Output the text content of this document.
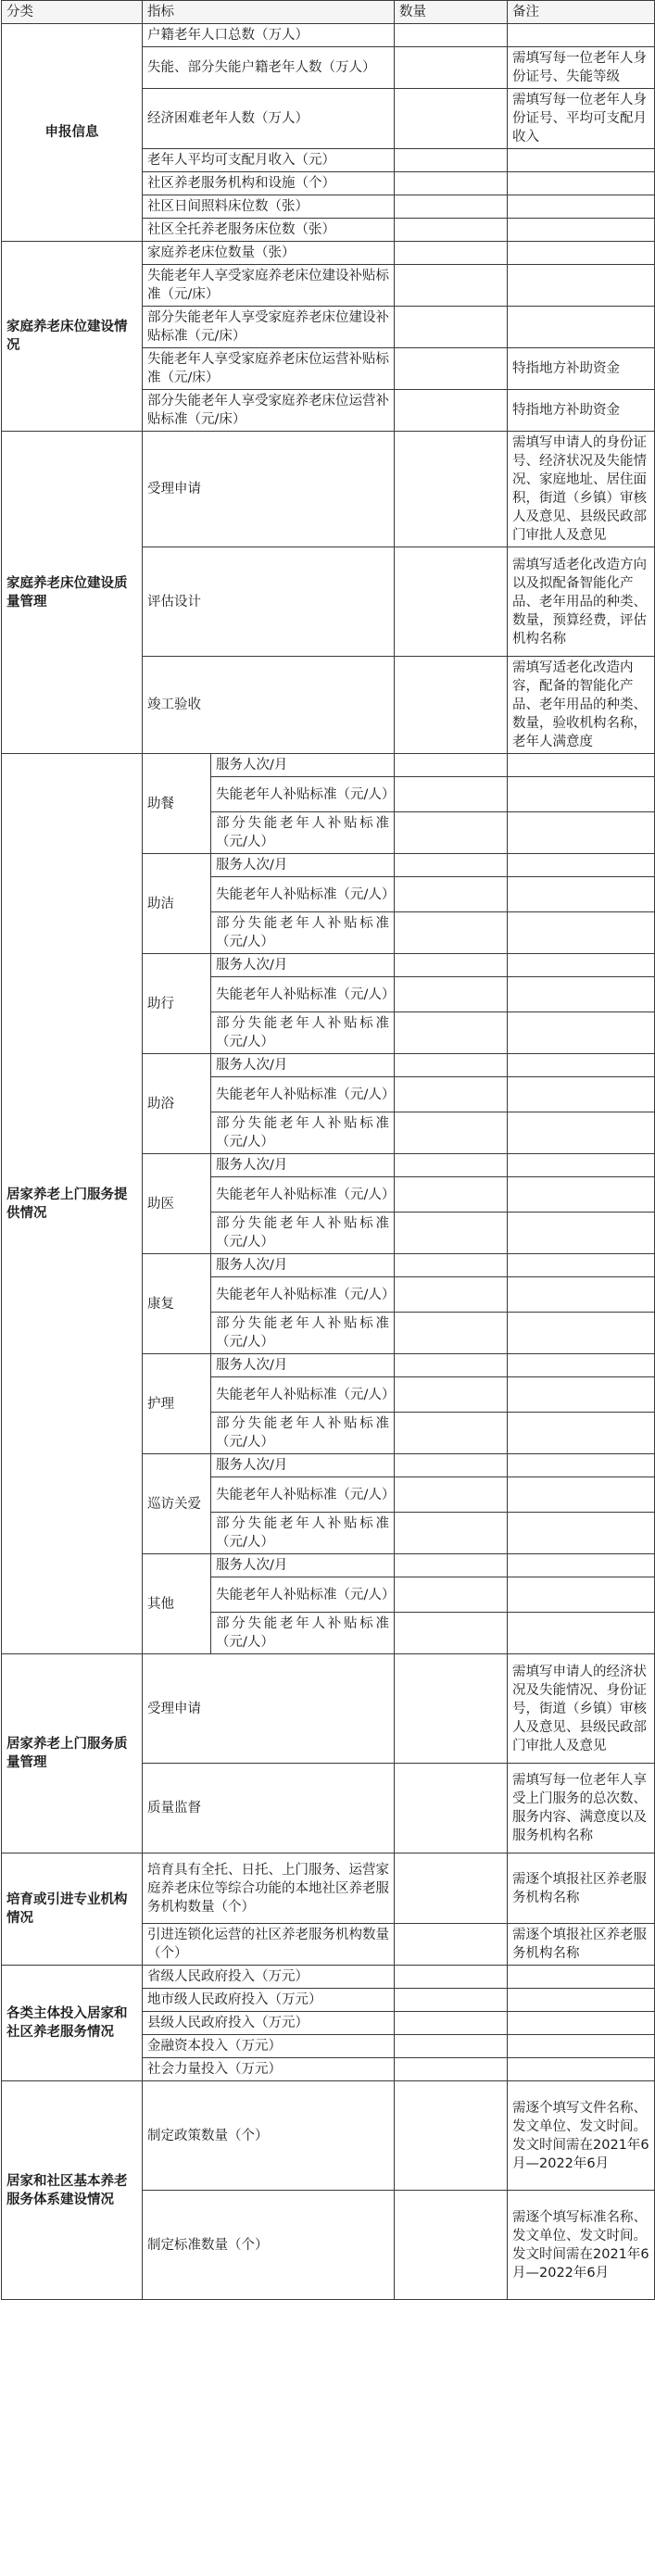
分类	指标		数量	备注
申报信息	户籍老年人口总数（万人）			
	失能、部分失能户籍老年人数（万人）			需填写每一位老年人身份证号、失能等级
	经济困难老年人数（万人）			需填写每一位老年人身份证号、平均可支配月收入
	老年人平均可支配月收入（元）			
	社区养老服务机构和设施（个）			
	社区日间照料床位数（张）			
	社区全托养老服务床位数（张）			
家庭养老床位建设情况	家庭养老床位数量（张）			
	失能老年人享受家庭养老床位建设补贴标准（元/床）			
	部分失能老年人享受家庭养老床位建设补贴标准（元/床）			
	失能老年人享受家庭养老床位运营补贴标准（元/床）			特指地方补助资金
	部分失能老年人享受家庭养老床位运营补贴标准（元/床）			特指地方补助资金
家庭养老床位建设质量管理	受理申请			需填写申请人的身份证号、经济状况及失能情况、家庭地址、居住面积，街道（乡镇）审核人及意见、县级民政部门审批人及意见
	评估设计			需填写适老化改造方向以及拟配备智能化产品、老年用品的种类、数量，预算经费，评估机构名称
	竣工验收			需填写适老化改造内容，配备的智能化产品、老年用品的种类、数量，验收机构名称，老年人满意度
居家养老上门服务提供情况	助餐	服务人次/月		
		失能老年人补贴标准（元/人）		
		部分失能老年人补贴标准（元/人）		
	助洁	服务人次/月		
		失能老年人补贴标准（元/人）		
		部分失能老年人补贴标准（元/人）		
	助行	服务人次/月		
		失能老年人补贴标准（元/人）		
		部分失能老年人补贴标准（元/人）		
	助浴	服务人次/月		
		失能老年人补贴标准（元/人）		
		部分失能老年人补贴标准（元/人）		
	助医	服务人次/月		
		失能老年人补贴标准（元/人）		
		部分失能老年人补贴标准（元/人）		
	康复	服务人次/月		
		失能老年人补贴标准（元/人）		
		部分失能老年人补贴标准（元/人）		
	护理	服务人次/月		
		失能老年人补贴标准（元/人）		
		部分失能老年人补贴标准（元/人）		
	巡访关爱	服务人次/月		
		失能老年人补贴标准（元/人）		
		部分失能老年人补贴标准（元/人）		
	其他	服务人次/月		
		失能老年人补贴标准（元/人）		
		部分失能老年人补贴标准（元/人）		
居家养老上门服务质量管理	受理申请			需填写申请人的经济状况及失能情况、身份证号，街道（乡镇）审核人及意见、县级民政部门审批人及意见
	质量监督			需填写每一位老年人享受上门服务的总次数、服务内容、满意度以及服务机构名称
培育或引进专业机构情况	培育具有全托、日托、上门服务、运营家庭养老床位等综合功能的本地社区养老服务机构数量（个）			需逐个填报社区养老服务机构名称
	引进连锁化运营的社区养老服务机构数量（个）			需逐个填报社区养老服务机构名称
各类主体投入居家和社区养老服务情况	省级人民政府投入（万元）			
	地市级人民政府投入（万元）			
	县级人民政府投入（万元）			
	金融资本投入（万元）			
	社会力量投入（万元）			
居家和社区基本养老服务体系建设情况	制定政策数量（个）			需逐个填写文件名称、发文单位、发文时间。发文时间需在2021年6月—2022年6月
	制定标准数量（个）			需逐个填写标准名称、发文单位、发文时间。发文时间需在2021年6月—2022年6月
